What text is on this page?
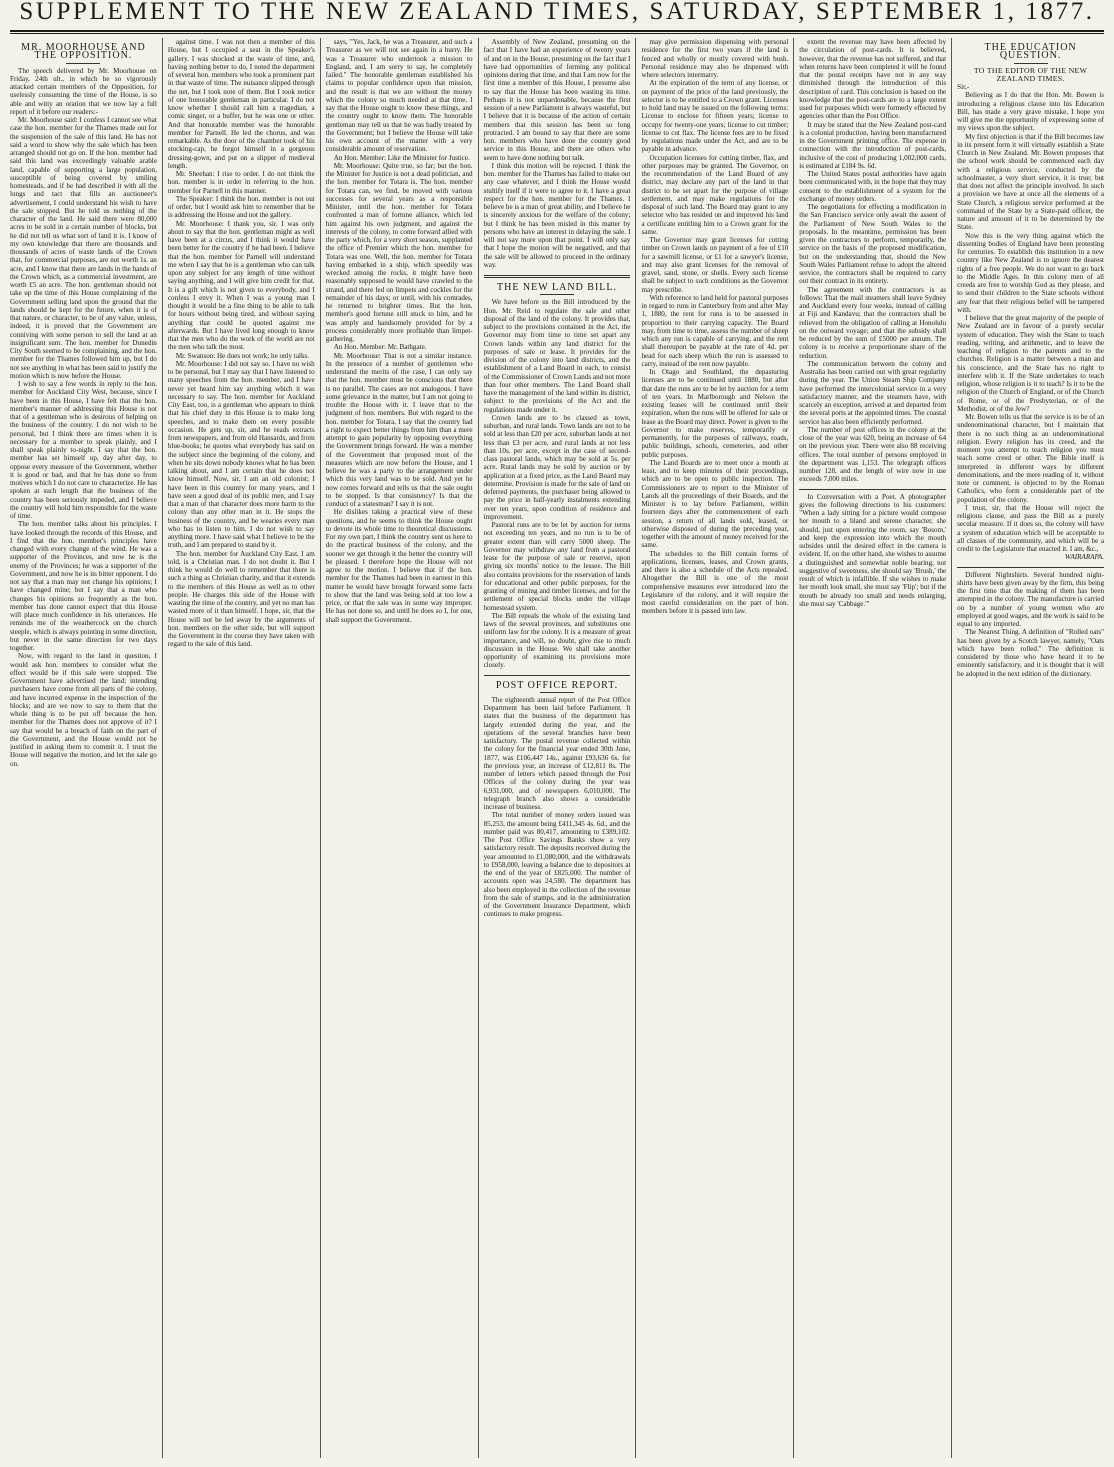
SUPPLEMENT TO THE NEW ZEALAND TIMES, SATURDAY, SEPTEMBER 1, 1877.

MR. MOORHOUSE AND THE OPPOSITION.

The speech delivered by Mr. Moorhouse on Friday, 24th ult., in which he so vigorously attacked certain members of the Opposition, for uselessly consuming the time of the House, is so able and witty an oration that we now lay a full report of it before our readers:-

Mr. Moorhouse said: I confess I cannot see what case the hon. member for the Thames made out for the suspension of the sale of this land. He has not said a word to show why the sale which has been arranged should not go on. If the hon. member had said this land was exceedingly valuable arable land, capable of supporting a large population, susceptible of being covered by smiling homesteads, and if he had described it with all the lungs and tact that fills an auctioneer's advertisement, I could understand his wish to have the sale stopped. But he told us nothing of the character of the land. He said there were 80,000 acres to be sold in a certain number of blocks, but he did not tell us what sort of land it is. I know of my own knowledge that there are thousands and thousands of acres of waste lands of the Crown that, for commercial purposes, are not worth 1s. an acre, and I know that there are lands in the hands of the Crown which, as a commercial investment, are worth £5 an acre. The hon. gentleman should not take up the time of this House complaining of the Government selling land upon the ground that the lands should be kept for the future, when it is of that nature, or character, to be of any value, unless, indeed, it is proved that the Government are conniving with some person to sell the land at an insignificant sum. The hon. member for Dunedin City South seemed to be complaining, and the hon. member for the Thames followed him up, but I do not see anything in what has been said to justify the motion which is now before the House.

I wish to say a few words in reply to the hon. member for Auckland City West, because, since I have been in this House, I have felt that the hon. member's manner of addressing this House is not that of a gentleman who is desirous of helping on the business of the country. I do not wish to be personal, but I think there are times when it is necessary for a member to speak plainly, and I shall speak plainly to-night. I say that the hon. member has set himself up, day after day, to oppose every measure of the Government, whether it is good or bad, and that he has done so from motives which I do not care to characterize. He has spoken at such length that the business of the country has been seriously impeded, and I believe the country will hold him responsible for the waste of time.

The hon. member talks about his principles. I have looked through the records of this House, and I find that the hon. member's principles have changed with every change of the wind. He was a supporter of the Provinces, and now he is the enemy of the Provinces; he was a supporter of the Government, and now he is its bitter opponent. I do not say that a man may not change his opinions; I have changed mine; but I say that a man who changes his opinions so frequently as the hon. member has done cannot expect that this House will place much confidence in his utterances. He reminds me of the weathercock on the church steeple, which is always pointing in some direction, but never in the same direction for two days together.

Now, with regard to the land in question, I would ask hon. members to consider what the effect would be if this sale were stopped. The Government have advertised the land; intending purchasers have come from all parts of the colony, and have incurred expense in the inspection of the blocks; and are we now to say to them that the whole thing is to be put off because the hon. member for the Thames does not approve of it? I say that would be a breach of faith on the part of the Government, and the House would not be justified in asking them to commit it. I trust the House will negative the motion, and let the sale go on.

against time. I was not then a member of this House, but I occupied a seat in the Speaker's gallery. I was shocked at the waste of time, and, having nothing better to do, I noted the department of several hon. members who took a prominent part in that waste of time. The nuisance slipped through the net, but I took note of them. But I took notice of one honorable gentleman in particular. I do not know whether I should call him a tragedian, a comic singer, or a buffer, but he was one or other. And that honorable member was the honorable member for Parnell. He led the chorus, and was remarkable. As the door of the chamber took of his stocking-cap, he forgot himself in a gorgeous dressing-gown, and put on a slipper of medieval length.

Mr. Sheehan: I rise to order. I do not think the hon. member is in order in referring to the hon. member for Parnell in this manner.

The Speaker: I think the hon. member is not out of order, but I would ask him to remember that he is addressing the House and not the gallery.

Mr. Moorhouse: I thank you, sir. I was only about to say that the hon. gentleman might as well have been at a circus, and I think it would have been better for the country if he had been. I believe that the hon. member for Parnell will understand me when I say that he is a gentleman who can talk upon any subject for any length of time without saying anything, and I will give him credit for that. It is a gift which is not given to everybody, and I confess I envy it. When I was a young man I thought it would be a fine thing to be able to talk for hours without being tired, and without saying anything that could be quoted against me afterwards. But I have lived long enough to know that the men who do the work of the world are not the men who talk the most.

Mr. Swanson: He does not work; he only talks.

Mr. Moorhouse: I did not say so. I have no wish to be personal, but I may say that I have listened to many speeches from the hon. member, and I have never yet heard him say anything which it was necessary to say. The hon. member for Auckland City East, too, is a gentleman who appears to think that his chief duty in this House is to make long speeches, and to make them on every possible occasion. He gets up, sir, and he reads extracts from newspapers, and from old Hansards, and from blue-books; he quotes what everybody has said on the subject since the beginning of the colony, and when he sits down nobody knows what he has been talking about, and I am certain that he does not know himself. Now, sir, I am an old colonist; I have been in this country for many years, and I have seen a good deal of its public men, and I say that a man of that character does more harm to the colony than any other man in it. He stops the business of the country, and he wearies every man who has to listen to him. I do not wish to say anything more. I have said what I believe to be the truth, and I am prepared to stand by it.

The hon. member for Auckland City East, I am told, is a Christian man. I do not doubt it. But I think he would do well to remember that there is such a thing as Christian charity, and that it extends to the members of this House as well as to other people. He charges this side of the House with wasting the time of the country, and yet no man has wasted more of it than himself. I hope, sir, that the House will not be led away by the arguments of hon. members on the other side, but will support the Government in the course they have taken with regard to the sale of this land.

says, "Yes, Jack, he was a Treasurer, and such a Treasurer as we will not see again in a hurry. He was a Treasurer who undertook a mission to England, and, I am sorry to say, he completely failed." The honorable gentleman established his claims to popular confidence upon that mission, and the result is that we are without the money which the colony so much needed at that time. I say that the House ought to know these things, and the country ought to know them. The honorable gentleman may tell us that he was badly treated by the Government; but I believe the House will take his own account of the matter with a very considerable amount of reservation.

An Hon. Member: Like the Minister for Justice.

Mr. Moorhouse: Quite true, so far; but the hon. the Minister for Justice is not a dead politician, and the hon. member for Totara is. The hon. member for Totara can, we find, be moved with various successes for several years as a responsible Minister, until the hon. member for Totara confronted a man of fortune alliance, which led him against his own judgment, and against the interests of the colony, to come forward allied with the party which, for a very short season, supplanted the office of Premier which the hon. member for Totara was one. Well, the hon. member for Totara having embarked in a ship, which speedily was wrecked among the rocks, it might have been reasonably supposed he would have crawled to the strand, and there fed on limpets and cockles for the remainder of his days; or until, with his comrades, he returned to brighter times. But the hon. member's good fortune still stuck to him, and he was amply and handsomely provided for by a process considerably more profitable than limpet-gathering.

An Hon. Member: Mr. Bathgate.

Mr. Moorhouse: That is not a similar instance. In the presence of a number of gentlemen who understand the merits of the case, I can only say that the hon. member must be conscious that there is no parallel. The cases are not analogous. I have some grievance in the matter, but I am not going to trouble the House with it. I leave that to the judgment of hon. members. But with regard to the hon. member for Totara, I say that the country had a right to expect better things from him than a mere attempt to gain popularity by opposing everything the Government brings forward. He was a member of the Government that proposed most of the measures which are now before the House, and I believe he was a party to the arrangement under which this very land was to be sold. And yet he now comes forward and tells us that the sale ought to be stopped. Is that consistency? Is that the conduct of a statesman? I say it is not.

He dislikes taking a practical view of these questions, and he seems to think the House ought to devote its whole time to theoretical discussions. For my own part, I think the country sent us here to do the practical business of the colony, and the sooner we get through it the better the country will be pleased. I therefore hope the House will not agree to the motion. I believe that if the hon. member for the Thames had been in earnest in this matter he would have brought forward some facts to show that the land was being sold at too low a price, or that the sale was in some way improper. He has not done so, and until he does so I, for one, shall support the Government.

Assembly of New Zealand, presuming on the fact that I have had an experience of twenty years of and on in the House, presuming on the fact that I have had opportunities of forming any political opinions during that time, and that I am now for the first time a member of this House, I presume also to say that the House has been wasting its time. Perhaps it is not unpardonable, because the first session of a new Parliament is always wasteful, but I believe that it is because of the action of certain members that this session has been so long protracted. I am bound to say that there are some hon. members who have done the country good service in this House, and there are others who seem to have done nothing but talk.

I think this motion will be rejected. I think the hon. member for the Thames has failed to make out any case whatever, and I think the House would stultify itself if it were to agree to it. I have a great respect for the hon. member for the Thames. I believe he is a man of great ability, and I believe he is sincerely anxious for the welfare of the colony; but I think he has been misled in this matter by persons who have an interest in delaying the sale. I will not say more upon that point. I will only say that I hope the motion will be negatived, and that the sale will be allowed to proceed in the ordinary way.

THE NEW LAND BILL.

We have before us the Bill introduced by the Hon. Mr. Reid to regulate the sale and other disposal of the land of the colony. It provides that, subject to the provisions contained in the Act, the Governor may from time to time set apart any Crown lands within any land district for the purposes of sale or lease. It provides for the division of the colony into land districts, and the establishment of a Land Board in each, to consist of the Commissioner of Crown Lands and not more than four other members. The Land Board shall have the management of the land within its district, subject to the provisions of the Act and the regulations made under it.

Crown lands are to be classed as town, suburban, and rural lands. Town lands are not to be sold at less than £20 per acre, suburban lands at not less than £3 per acre, and rural lands at not less than 10s. per acre, except in the case of second-class pastoral lands, which may be sold at 5s. per acre. Rural lands may be sold by auction or by application at a fixed price, as the Land Board may determine. Provision is made for the sale of land on deferred payments, the purchaser being allowed to pay the price in half-yearly instalments extending over ten years, upon condition of residence and improvement.

Pastoral runs are to be let by auction for terms not exceeding ten years, and no run is to be of greater extent than will carry 5000 sheep. The Governor may withdraw any land from a pastoral lease for the purpose of sale or reserve, upon giving six months' notice to the lessee. The Bill also contains provisions for the reservation of lands for educational and other public purposes, for the granting of mining and timber licenses, and for the settlement of special blocks under the village homestead system.

The Bill repeals the whole of the existing land laws of the several provinces, and substitutes one uniform law for the colony. It is a measure of great importance, and will, no doubt, give rise to much discussion in the House. We shall take another opportunity of examining its provisions more closely.

POST OFFICE REPORT.

The eighteenth annual report of the Post Office Department has been laid before Parliament. It states that the business of the department has largely extended during the year, and the operations of the several branches have been satisfactory. The postal revenue collected within the colony for the financial year ended 30th June, 1877, was £106,447 14s., against £93,636 6s. for the previous year, an increase of £12,811 8s. The number of letters which passed through the Post Offices of the colony during the year was 6,931,000, and of newspapers 6,010,000. The telegraph branch also shows a considerable increase of business.

The total number of money orders issued was 85,253, the amount being £411,345 4s. 6d., and the number paid was 80,417, amounting to £389,102. The Post Office Savings Banks show a very satisfactory result. The deposits received during the year amounted to £1,080,000, and the withdrawals to £958,000, leaving a balance due to depositors at the end of the year of £825,000. The number of accounts open was 24,580. The department has also been employed in the collection of the revenue from the sale of stamps, and in the administration of the Government Insurance Department, which continues to make progress.

may give permission dispensing with personal residence for the first two years if the land is fenced and wholly or mostly covered with bush. Personal residence may also be dispensed with where selectors intermarry.

At the expiration of the term of any license, or on payment of the price of the land previously, the selector is to be entitled to a Crown grant. Licenses to hold land may be issued on the following terms: License to enclose for fifteen years; license to occupy for twenty-one years; license to cut timber; license to cut flax. The license fees are to be fixed by regulations made under the Act, and are to be payable in advance.

Occupation licenses for cutting timber, flax, and other purposes may be granted. The Governor, on the recommendation of the Land Board of any district, may declare any part of the land in that district to be set apart for the purpose of village settlement, and may make regulations for the disposal of such land. The Board may grant to any selector who has resided on and improved his land a certificate entitling him to a Crown grant for the same.

The Governor may grant licenses for cutting timber on Crown lands on payment of a fee of £10 for a sawmill license, or £1 for a sawyer's license, and may also grant licenses for the removal of gravel, sand, stone, or shells. Every such license shall be subject to such conditions as the Governor may prescribe.

With reference to land held for pastoral purposes in regard to runs in Canterbury from and after May 1, 1880, the rent for runs is to be assessed in proportion to their carrying capacity. The Board may, from time to time, assess the number of sheep which any run is capable of carrying, and the rent shall thereupon be payable at the rate of 4d. per head for each sheep which the run is assessed to carry, instead of the rent now payable.

In Otago and Southland, the depasturing licenses are to be continued until 1880, but after that date the runs are to be let by auction for a term of ten years. In Marlborough and Nelson the existing leases will be continued until their expiration, when the runs will be offered for sale or lease as the Board may direct. Power is given to the Governor to make reserves, temporarily or permanently, for the purposes of railways, roads, public buildings, schools, cemeteries, and other public purposes.

The Land Boards are to meet once a month at least, and to keep minutes of their proceedings, which are to be open to public inspection. The Commissioners are to report to the Minister of Lands all the proceedings of their Boards, and the Minister is to lay before Parliament, within fourteen days after the commencement of each session, a return of all lands sold, leased, or otherwise disposed of during the preceding year, together with the amount of money received for the same.

The schedules to the Bill contain forms of applications, licenses, leases, and Crown grants, and there is also a schedule of the Acts repealed. Altogether the Bill is one of the most comprehensive measures ever introduced into the Legislature of the colony, and it will require the most careful consideration on the part of hon. members before it is passed into law.

extent the revenue may have been affected by the circulation of post-cards. It is believed, however, that the revenue has not suffered, and that when returns have been completed it will be found that the postal receipts have not in any way diminished through the introduction of this description of card. This conclusion is based on the knowledge that the post-cards are to a large extent used for purposes which were formerly effected by agencies other than the Post Office.

It may be stated that the New Zealand post-card is a colonial production, having been manufactured in the Government printing office. The expense in connection with the introduction of post-cards, inclusive of the cost of producing 1,002,000 cards, is estimated at £184 9s. 6d.

The United States postal authorities have again been communicated with, in the hope that they may consent to the establishment of a system for the exchange of money orders.

The negotiations for effecting a modification in the San Francisco service only await the assent of the Parliament of New South Wales to the proposals. In the meantime, permission has been given the contractors to perform, temporarily, the service on the basis of the proposed modification, but on the understanding that, should the New South Wales Parliament refuse to adopt the altered service, the contractors shall be required to carry out their contract in its entirety.

The agreement with the contractors is as follows: That the mail steamers shall leave Sydney and Auckland every four weeks, instead of calling at Fiji and Kandavu; that the contractors shall be relieved from the obligation of calling at Honolulu on the outward voyage; and that the subsidy shall be reduced by the sum of £5000 per annum. The colony is to receive a proportionate share of the reduction.

The communication between the colony and Australia has been carried out with great regularity during the year. The Union Steam Ship Company have performed the intercolonial service in a very satisfactory manner, and the steamers have, with scarcely an exception, arrived at and departed from the several ports at the appointed times. The coastal service has also been efficiently performed.

The number of post offices in the colony at the close of the year was 620, being an increase of 64 on the previous year. There were also 88 receiving offices. The total number of persons employed in the department was 1,153. The telegraph offices number 128, and the length of wire now in use exceeds 7,000 miles.

In Conversation with a Poet. A photographer gives the following directions to his customers: "When a lady sitting for a picture would compose her mouth to a bland and serene character, she should, just upon entering the room, say 'Bosom,' and keep the expression into which the mouth subsides until the desired effect in the camera is evident. If, on the other hand, she wishes to assume a distinguished and somewhat noble bearing, not suggestive of sweetness, she should say 'Brush,' the result of which is infallible. If she wishes to make her mouth look small, she must say 'Flip'; but if the mouth be already too small and needs enlarging, she must say 'Cabbage.'"

THE EDUCATION QUESTION.

TO THE EDITOR OF THE NEW ZEALAND TIMES.

Sir,-

Believing as I do that the Hon. Mr. Bowen is introducing a religious clause into his Education Bill, has made a very grave mistake, I hope you will give me the opportunity of expressing some of my views upon the subject.

My first objection is that if the Bill becomes law in its present form it will virtually establish a State Church in New Zealand. Mr. Bowen proposes that the school work should be commenced each day with a religious service, conducted by the schoolmaster, a very short service, it is true; but that does not affect the principle involved. In such a provision we have at once all the elements of a State Church, a religious service performed at the command of the State by a State-paid officer, the nature and amount of it to be determined by the State.

Now this is the very thing against which the dissenting bodies of England have been protesting for centuries. To establish this institution in a new country like New Zealand is to ignore the dearest rights of a free people. We do not want to go back to the Middle Ages. In this colony men of all creeds are free to worship God as they please, and to send their children to the State schools without any fear that their religious belief will be tampered with.

I believe that the great majority of the people of New Zealand are in favour of a purely secular system of education. They wish the State to teach reading, writing, and arithmetic, and to leave the teaching of religion to the parents and to the churches. Religion is a matter between a man and his conscience, and the State has no right to interfere with it. If the State undertakes to teach religion, whose religion is it to teach? Is it to be the religion of the Church of England, or of the Church of Rome, or of the Presbyterian, or of the Methodist, or of the Jew?

Mr. Bowen tells us that the service is to be of an undenominational character, but I maintain that there is no such thing as an undenominational religion. Every religion has its creed, and the moment you attempt to teach religion you must teach some creed or other. The Bible itself is interpreted in different ways by different denominations, and the mere reading of it, without note or comment, is objected to by the Roman Catholics, who form a considerable part of the population of the colony.

I trust, sir, that the House will reject the religious clause, and pass the Bill as a purely secular measure. If it does so, the colony will have a system of education which will be acceptable to all classes of the community, and which will be a credit to the Legislature that enacted it. I am, &c.,

WAIRARAPA.

Different Nightshirts. Several hundred night-shirts have been given away by the firm, this being the first time that the making of them has been attempted in the colony. The manufacture is carried on by a number of young women who are employed at good wages, and the work is said to be equal to any imported.

The Nearest Thing. A definition of "Rolled oats" has been given by a Scotch lawyer, namely, "Oats which have been rolled." The definition is considered by those who have heard it to be eminently satisfactory, and it is thought that it will be adopted in the next edition of the dictionary.
